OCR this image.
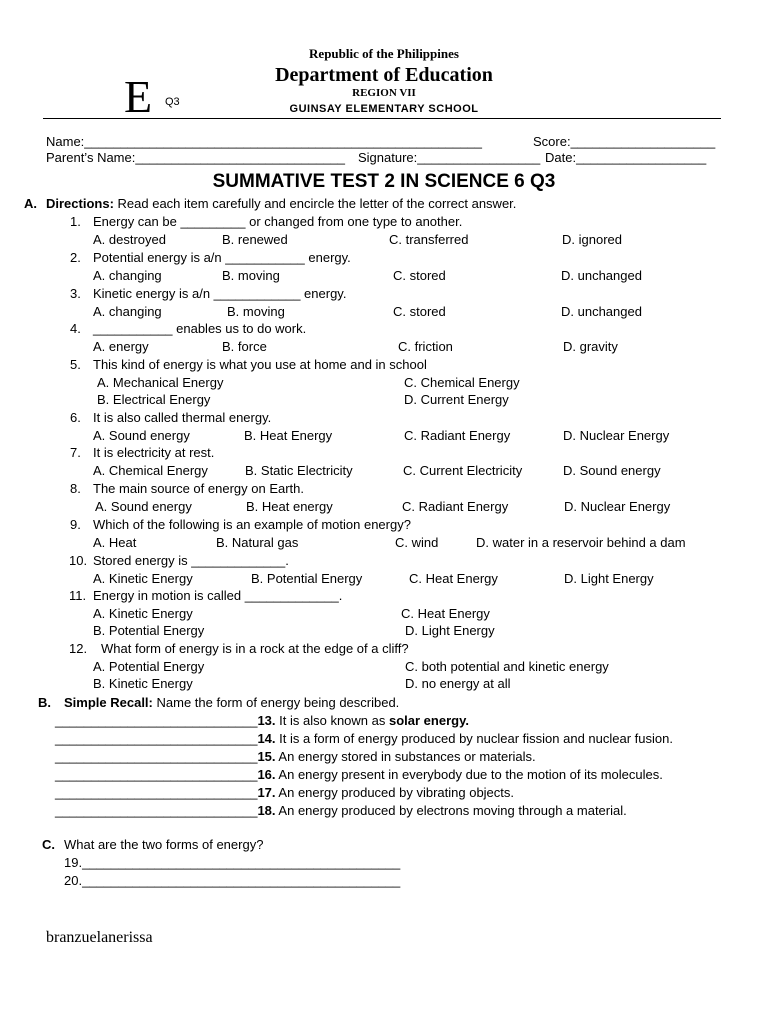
Republic of the Philippines
Department of Education
REGION VII
GUINSAY ELEMENTARY SCHOOL
E Q3
Name:_______________________________________________________	Score:____________________
Parent’s Name:_____________________________ Signature:_________________ Date:__________________
SUMMATIVE TEST 2 IN SCIENCE 6 Q3
A. Directions: Read each item carefully and encircle the letter of the correct answer.
1. Energy can be _________ or changed from one type to another.
A. destroyed	B. renewed	C. transferred	D. ignored
2. Potential energy is a/n ___________ energy.
A. changing	B. moving	C. stored	D. unchanged
3. Kinetic energy is a/n ____________ energy.
A. changing	B. moving	C. stored	D. unchanged
4. ___________ enables us to do work.
A. energy	B. force	C. friction	D. gravity
5. This kind of energy is what you use at home and in school
A. Mechanical Energy	C. Chemical Energy
B. Electrical Energy	D. Current Energy
6. It is also called thermal energy.
A. Sound energy	B. Heat Energy	C. Radiant Energy	D. Nuclear Energy
7. It is electricity at rest.
A. Chemical Energy	B. Static Electricity	C. Current Electricity	D. Sound energy
8. The main source of energy on Earth.
A. Sound energy	B. Heat energy	C. Radiant Energy	D. Nuclear Energy
9. Which of the following is an example of motion energy?
A. Heat	B. Natural gas	C. wind	D. water in a reservoir behind a dam
10. Stored energy is _____________.
A. Kinetic Energy	B. Potential Energy	C. Heat Energy	D. Light Energy
11. Energy in motion is called _____________.
A. Kinetic Energy	C. Heat Energy
B. Potential Energy	D. Light Energy
12. What form of energy is in a rock at the edge of a cliff?
A. Potential Energy	C. both potential and kinetic energy
B. Kinetic Energy	D. no energy at all
B. Simple Recall: Name the form of energy being described.
____________________________13. It is also known as solar energy.
____________________________14. It is a form of energy produced by nuclear fission and nuclear fusion.
____________________________15. An energy stored in substances or materials.
____________________________16. An energy present in everybody due to the motion of its molecules.
____________________________17. An energy produced by vibrating objects.
____________________________18. An energy produced by electrons moving through a material.
C. What are the two forms of energy?
19.____________________________________________
20.____________________________________________
branzuelanerissa
